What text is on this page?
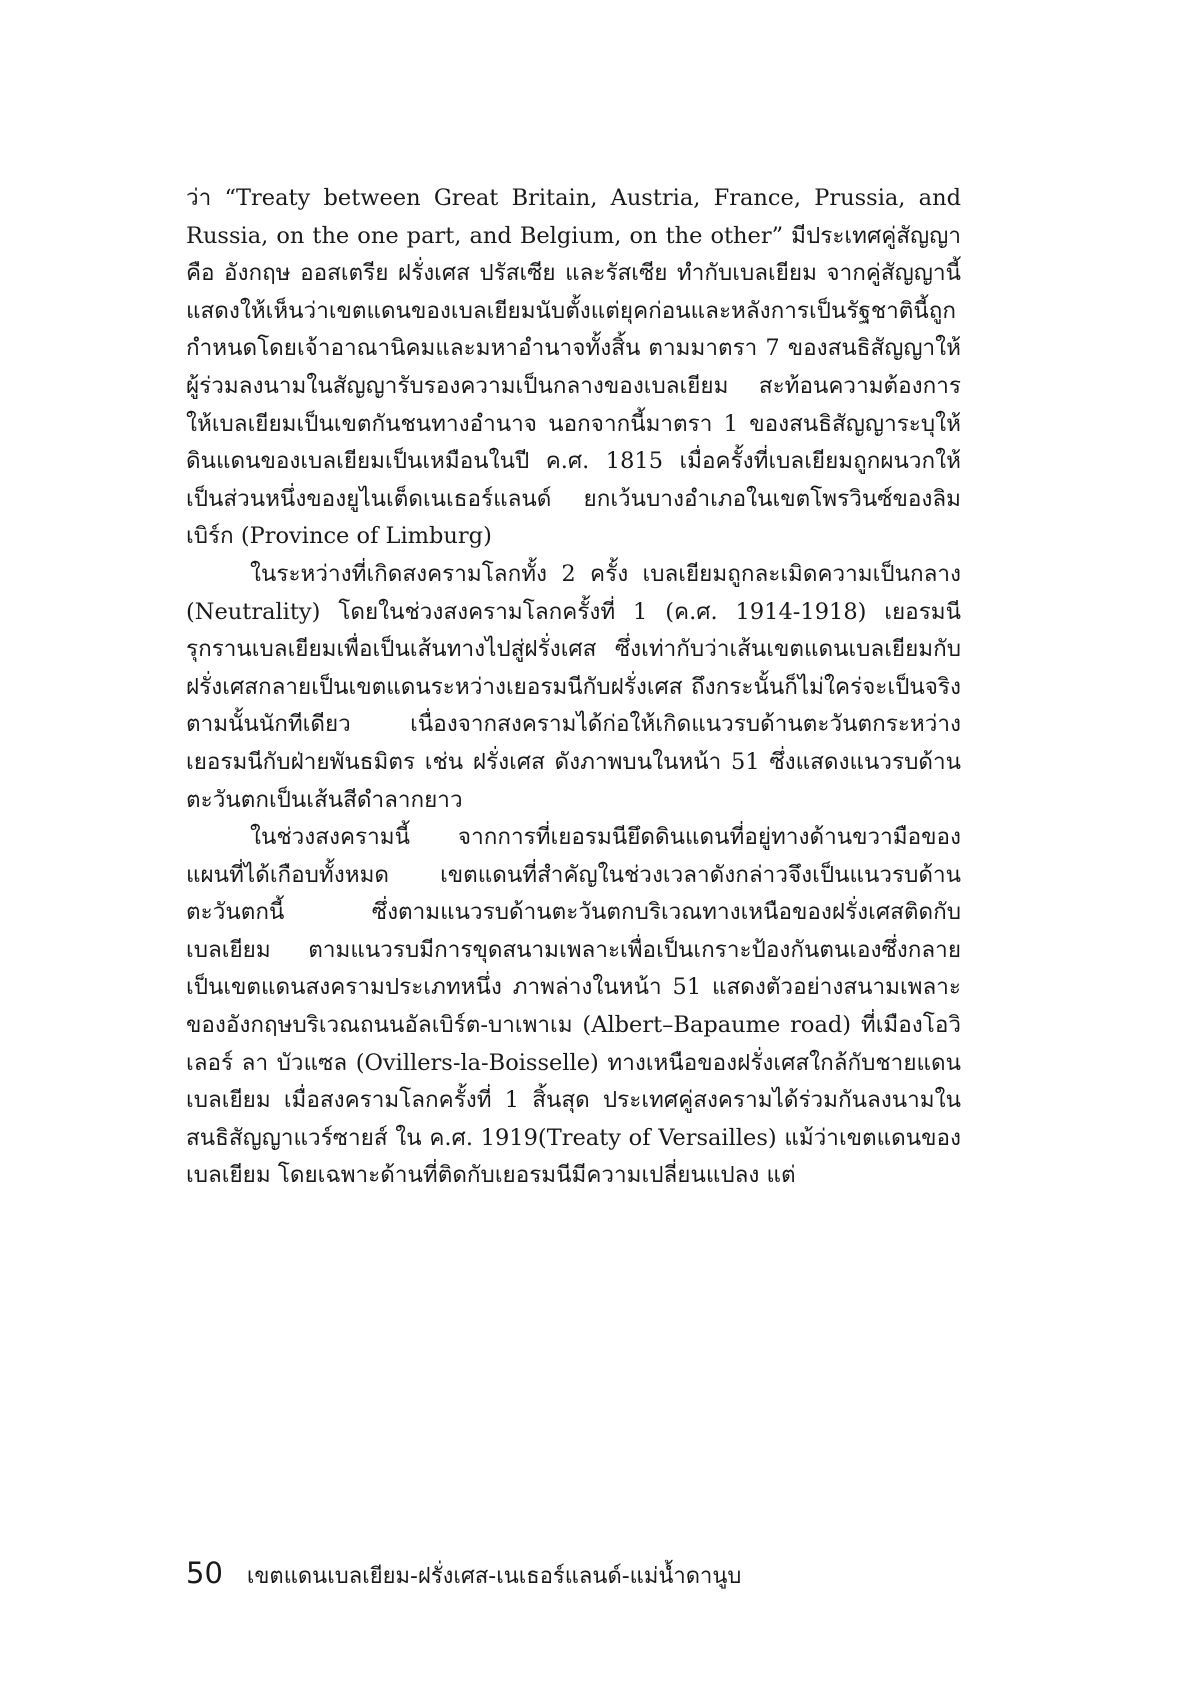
ว่า “Treaty between Great Britain, Austria, France, Prussia, and Russia, on the one part, and Belgium, on the other” มีประเทศคู่สัญญา คือ อังกฤษ ออสเตรีย ฝรั่งเศส ปรัสเซีย และรัสเซีย ทำกับเบลเยียม จากคู่สัญญานี้แสดงให้เห็นว่าเขตแดนของเบลเยียมนับตั้งแต่ยุคก่อนและหลังการเป็นรัฐชาตินี้ถูกกำหนดโดยเจ้าอาณานิคมและมหาอำนาจทั้งสิ้น ตามมาตรา 7 ของสนธิสัญญาให้ผู้ร่วมลงนามในสัญญารับรองความเป็นกลางของเบลเยียม สะท้อนความต้องการให้เบลเยียมเป็นเขตกันชนทางอำนาจ นอกจากนี้มาตรา 1 ของสนธิสัญญาระบุให้ดินแดนของเบลเยียมเป็นเหมือนในปี ค.ศ. 1815 เมื่อครั้งที่เบลเยียมถูกผนวกให้เป็นส่วนหนึ่งของยูไนเต็ดเนเธอร์แลนด์ ยกเว้นบางอำเภอในเขตโพรวินซ์ของลิมเบิร์ก (Province of Limburg)

ในระหว่างที่เกิดสงครามโลกทั้ง 2 ครั้ง เบลเยียมถูกละเมิดความเป็นกลาง (Neutrality) โดยในช่วงสงครามโลกครั้งที่ 1 (ค.ศ. 1914-1918) เยอรมนีรุกรานเบลเยียมเพื่อเป็นเส้นทางไปสู่ฝรั่งเศส ซึ่งเท่ากับว่าเส้นเขตแดนเบลเยียมกับฝรั่งเศสกลายเป็นเขตแดนระหว่างเยอรมนีกับฝรั่งเศส ถึงกระนั้นก็ไม่ใคร่จะเป็นจริงตามนั้นนักทีเดียว เนื่องจากสงครามได้ก่อให้เกิดแนวรบด้านตะวันตกระหว่างเยอรมนีกับฝ่ายพันธมิตร เช่น ฝรั่งเศส ดังภาพบนในหน้า 51 ซึ่งแสดงแนวรบด้านตะวันตกเป็นเส้นสีดำลากยาว

ในช่วงสงครามนี้ จากการที่เยอรมนียึดดินแดนที่อยู่ทางด้านขวามือของแผนที่ได้เกือบทั้งหมด เขตแดนที่สำคัญในช่วงเวลาดังกล่าวจึงเป็นแนวรบด้านตะวันตกนี้ ซึ่งตามแนวรบด้านตะวันตกบริเวณทางเหนือของฝรั่งเศสติดกับเบลเยียม ตามแนวรบมีการขุดสนามเพลาะเพื่อเป็นเกราะป้องกันตนเองซึ่งกลายเป็นเขตแดนสงครามประเภทหนึ่ง ภาพล่างในหน้า 51 แสดงตัวอย่างสนามเพลาะของอังกฤษบริเวณถนนอัลเบิร์ต-บาเพาเม (Albert–Bapaume road) ที่เมืองโอวิเลอร์ ลา บัวแซล (Ovillers-la-Boisselle) ทางเหนือของฝรั่งเศสใกล้กับชายแดนเบลเยียม เมื่อสงครามโลกครั้งที่ 1 สิ้นสุด ประเทศคู่สงครามได้ร่วมกันลงนามในสนธิสัญญาแวร์ซายส์ ใน ค.ศ. 1919(Treaty of Versailles) แม้ว่าเขตแดนของเบลเยียม โดยเฉพาะด้านที่ติดกับเยอรมนีมีความเปลี่ยนแปลง แต่

50 เขตแดนเบลเยียม-ฝรั่งเศส-เนเธอร์แลนด์-แม่น้ำดานูบ
